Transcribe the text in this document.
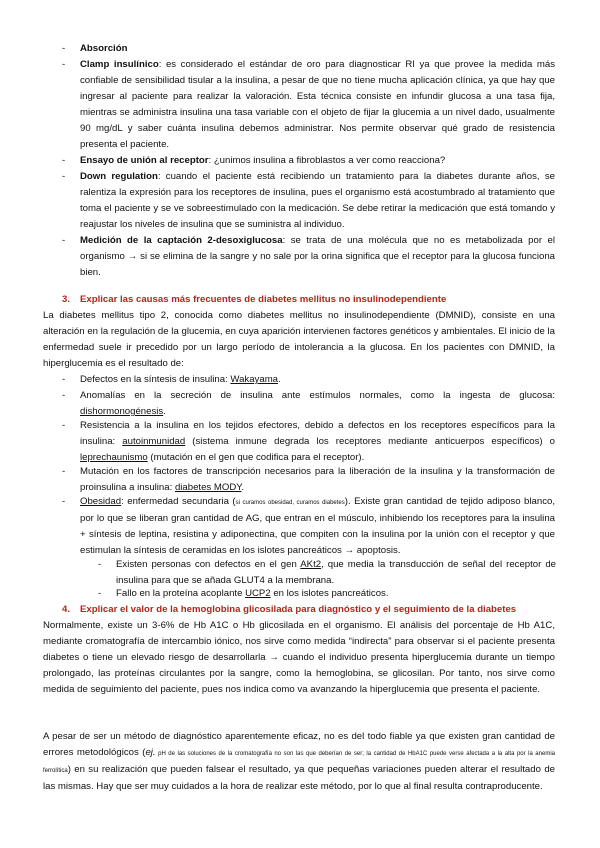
- Absorción
- Clamp insulínico: es considerado el estándar de oro para diagnosticar RI ya que provee la medida más confiable de sensibilidad tisular a la insulina, a pesar de que no tiene mucha aplicación clínica, ya que hay que ingresar al paciente para realizar la valoración. Esta técnica consiste en infundir glucosa a una tasa fija, mientras se administra insulina una tasa variable con el objeto de fijar la glucemia a un nivel dado, usualmente 90 mg/dL y saber cuánta insulina debemos administrar. Nos permite observar qué grado de resistencia presenta el paciente.
- Ensayo de unión al receptor: ¿unimos insulina a fibroblastos a ver como reacciona?
- Down regulation: cuando el paciente está recibiendo un tratamiento para la diabetes durante años, se ralentiza la expresión para los receptores de insulina, pues el organismo está acostumbrado al tratamiento que toma el paciente y se ve sobreestimulado con la medicación. Se debe retirar la medicación que está tomando y reajustar los niveles de insulina que se suministra al individuo.
- Medición de la captación 2-desoxiglucosa: se trata de una molécula que no es metabolizada por el organismo → si se elimina de la sangre y no sale por la orina significa que el receptor para la glucosa funciona bien.
3. Explicar las causas más frecuentes de diabetes mellitus no insulinodependiente
La diabetes mellitus tipo 2, conocida como diabetes mellitus no insulinodependiente (DMNID), consiste en una alteración en la regulación de la glucemia, en cuya aparición intervienen factores genéticos y ambientales. El inicio de la enfermedad suele ir precedido por un largo período de intolerancia a la glucosa. En los pacientes con DMNID, la hiperglucemia es el resultado de:
- Defectos en la síntesis de insulina: Wakayama.
- Anomalías en la secreción de insulina ante estímulos normales, como la ingesta de glucosa: dishormonogénesis.
- Resistencia a la insulina en los tejidos efectores, debido a defectos en los receptores específicos para la insulina: autoinmunidad (sistema inmune degrada los receptores mediante anticuerpos específicos) o leprechaunismo (mutación en el gen que codifica para el receptor).
- Mutación en los factores de transcripción necesarios para la liberación de la insulina y la transformación de proinsulina a insulina: diabetes MODY.
- Obesidad: enfermedad secundaria (si curamos obesidad, curamos diabetes). Existe gran cantidad de tejido adiposo blanco, por lo que se liberan gran cantidad de AG, que entran en el músculo, inhibiendo los receptores para la insulina + síntesis de leptina, resistina y adiponectina, que compiten con la insulina por la unión con el receptor y que estimulan la síntesis de ceramidas en los islotes pancreáticos → apoptosis.
- Existen personas con defectos en el gen AKt2, que media la transducción de señal del receptor de insulina para que se añada GLUT4 a la membrana.
- Fallo en la proteína acoplante UCP2 en los islotes pancreáticos.
4. Explicar el valor de la hemoglobina glicosilada para diagnóstico y el seguimiento de la diabetes
Normalmente, existe un 3-6% de Hb A1C o Hb glicosilada en el organismo. El análisis del porcentaje de Hb A1C, mediante cromatografía de intercambio iónico, nos sirve como medida “indirecta” para observar si el paciente presenta diabetes o tiene un elevado riesgo de desarrollarla → cuando el individuo presenta hiperglucemia durante un tiempo prolongado, las proteínas circulantes por la sangre, como la hemoglobina, se glicosilan. Por tanto, nos sirve como medida de seguimiento del paciente, pues nos indica como va avanzando la hiperglucemia que presenta el paciente.
A pesar de ser un método de diagnóstico aparentemente eficaz, no es del todo fiable ya que existen gran cantidad de errores metodológicos (ej. pH de las soluciones de la cromatografía no son las que deberían de ser; la cantidad de HbA1C puede verse afectada a la alta por la anemia ferrolítica) en su realización que pueden falsear el resultado, ya que pequeñas variaciones pueden alterar el resultado de las mismas. Hay que ser muy cuidados a la hora de realizar este método, por lo que al final resulta contraproducente.
